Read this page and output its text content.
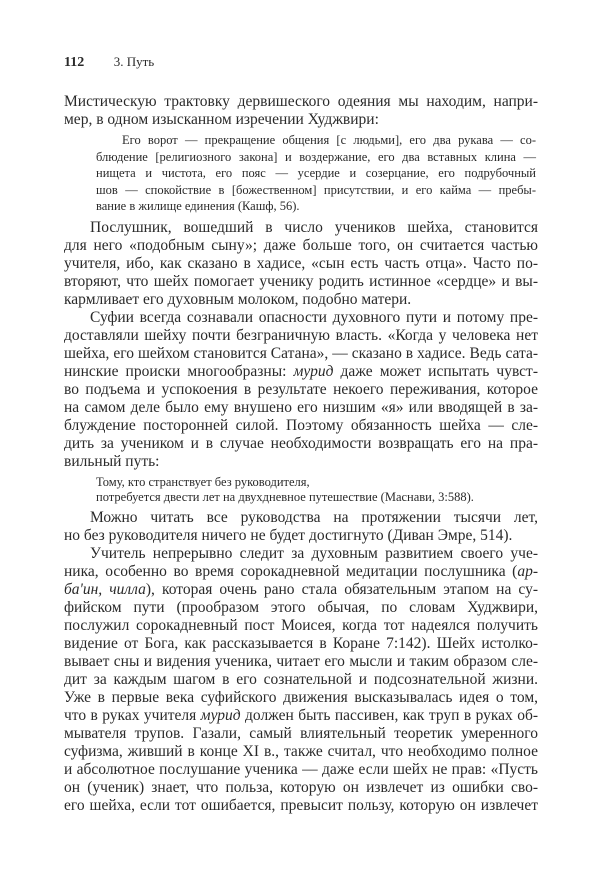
112 3. Путь
Мистическую трактовку дервишеского одеяния мы находим, напри-
мер, в одном изысканном изречении Худжвири:
Его ворот — прекращение общения [с людьми], его два рукава — со-
блюдение [религиозного закона] и воздержание, его два вставных клина —
нищета и чистота, его пояс — усердие и созерцание, его подрубочный
шов — спокойствие в [божественном] присутствии, и его кайма — пребы-
вание в жилище единения (Кашф, 56).
Послушник, вошедший в число учеников шейха, становится
для него «подобным сыну»; даже больше того, он считается частью
учителя, ибо, как сказано в хадисе, «сын есть часть отца». Часто по-
вторяют, что шейх помогает ученику родить истинное «сердце» и вы-
кармливает его духовным молоком, подобно матери.
Суфии всегда сознавали опасности духовного пути и потому пре-
доставляли шейху почти безграничную власть. «Когда у человека нет
шейха, его шейхом становится Сатана», — сказано в хадисе. Ведь сата-
нинские происки многообразны: мурид даже может испытать чувст-
во подъема и успокоения в результате некоего переживания, которое
на самом деле было ему внушено его низшим «я» или вводящей в за-
блуждение посторонней силой. Поэтому обязанность шейха — сле-
дить за учеником и в случае необходимости возвращать его на пра-
вильный путь:
Тому, кто странствует без руководителя,
потребуется двести лет на двухдневное путешествие (Маснави, 3:588).
Можно читать все руководства на протяжении тысячи лет,
но без руководителя ничего не будет достигнуто (Диван Эмре, 514).
Учитель непрерывно следит за духовным развитием своего уче-
ника, особенно во время сорокадневной медитации послушника (ар-
ба'ин, чилла), которая очень рано стала обязательным этапом на су-
фийском пути (прообразом этого обычая, по словам Худжвири,
послужил сорокадневный пост Моисея, когда тот надеялся получить
видение от Бога, как рассказывается в Коране 7:142). Шейх истолко-
вывает сны и видения ученика, читает его мысли и таким образом сле-
дит за каждым шагом в его сознательной и подсознательной жизни.
Уже в первые века суфийского движения высказывалась идея о том,
что в руках учителя мурид должен быть пассивен, как труп в руках об-
мывателя трупов. Газали, самый влиятельный теоретик умеренного
суфизма, живший в конце XI в., также считал, что необходимо полное
и абсолютное послушание ученика — даже если шейх не прав: «Пусть
он (ученик) знает, что польза, которую он извлечет из ошибки сво-
его шейха, если тот ошибается, превысит пользу, которую он извлечет
